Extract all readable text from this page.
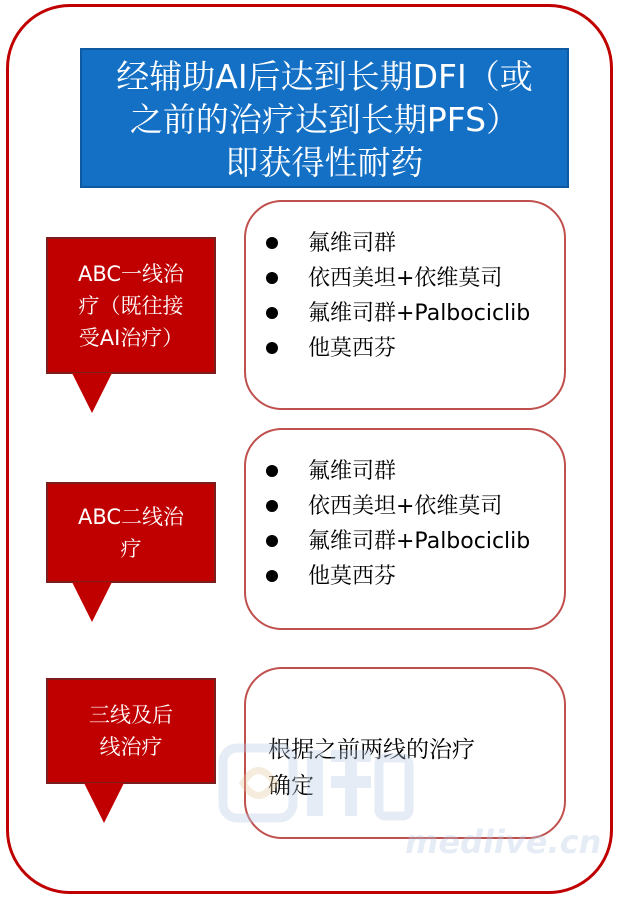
经辅助AI后达到长期DFI（或
之前的治疗达到长期PFS）
即获得性耐药
ABC一线治
疗（既往接
受AI治疗）
氟维司群
依西美坦+依维莫司
氟维司群+Palbociclib
他莫西芬
ABC二线治
疗
氟维司群
依西美坦+依维莫司
氟维司群+Palbociclib
他莫西芬
三线及后
线治疗	根据之前两线的治疗
确定
medlive.cn
